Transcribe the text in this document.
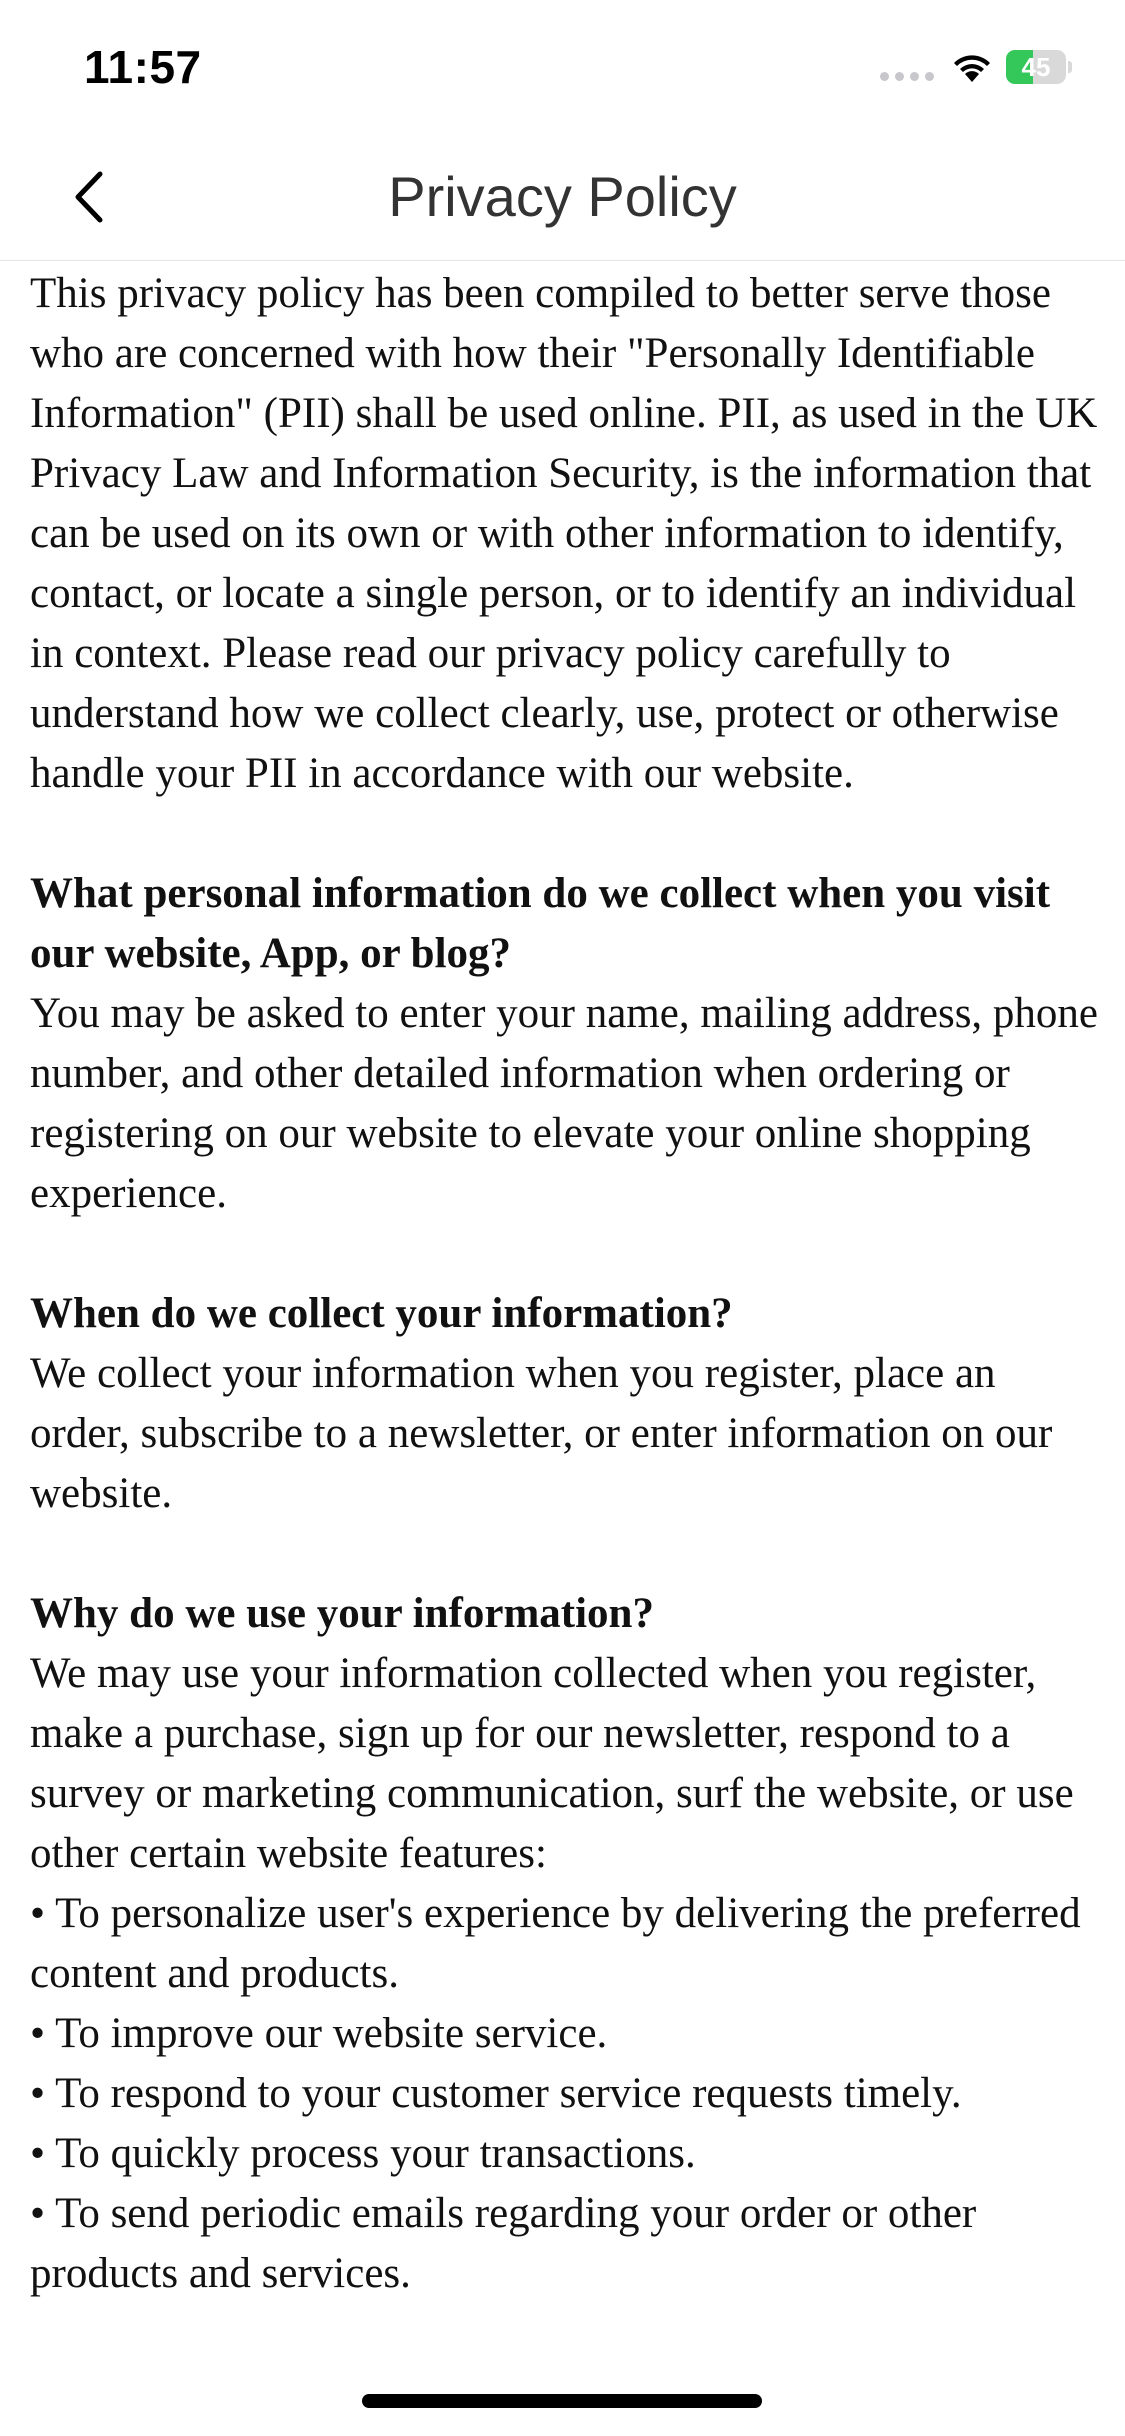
11:57	45
Privacy Policy

This privacy policy has been compiled to better serve those who are concerned with how their "Personally Identifiable Information" (PII) shall be used online. PII, as used in the UK Privacy Law and Information Security, is the information that can be used on its own or with other information to identify, contact, or locate a single person, or to identify an individual in context. Please read our privacy policy carefully to understand how we collect clearly, use, protect or otherwise handle your PII in accordance with our website.

What personal information do we collect when you visit our website, App, or blog?

You may be asked to enter your name, mailing address, phone number, and other detailed information when ordering or registering on our website to elevate your online shopping experience.

When do we collect your information?

We collect your information when you register, place an order, subscribe to a newsletter, or enter information on our website.

Why do we use your information?

We may use your information collected when you register, make a purchase, sign up for our newsletter, respond to a survey or marketing communication, surf the website, or use other certain website features:

• To personalize user's experience by delivering the preferred content and products.
• To improve our website service.
• To respond to your customer service requests timely.
• To quickly process your transactions.
• To send periodic emails regarding your order or other products and services.
